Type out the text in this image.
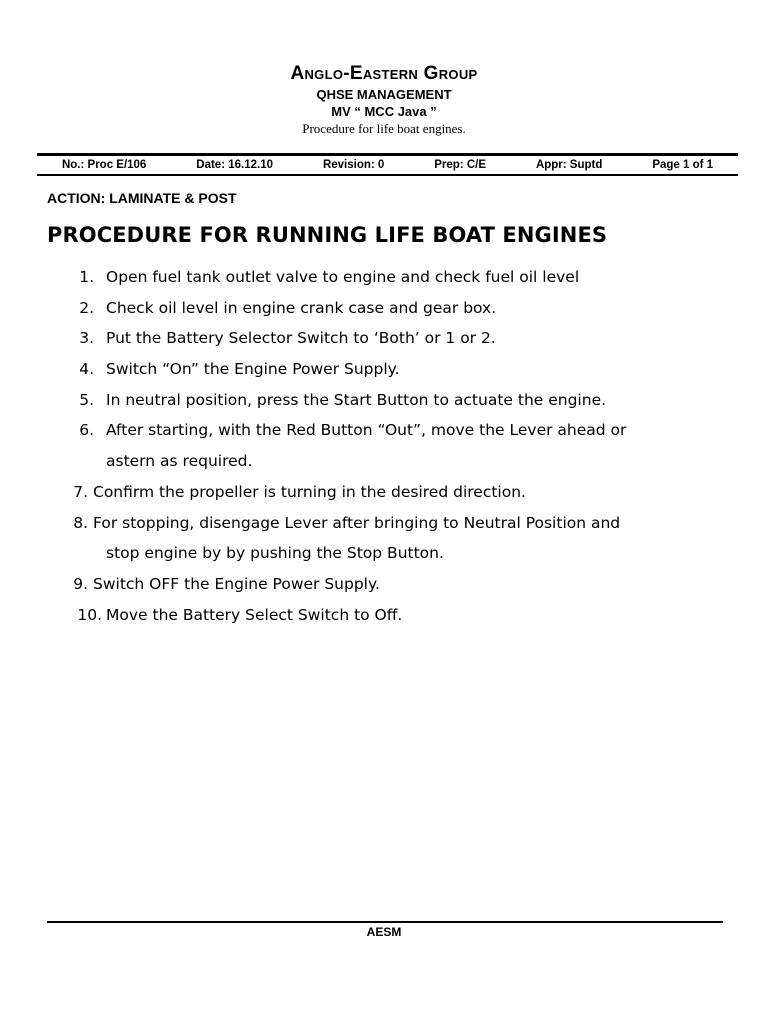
Anglo-Eastern Group
QHSE MANAGEMENT
MV “ MCC Java ”
Procedure for life boat engines.
No.: Proc E/106	Date: 16.12.10	Revision: 0	Prep: C/E	Appr: Suptd	Page 1 of 1
ACTION: LAMINATE & POST
PROCEDURE FOR RUNNING LIFE BOAT ENGINES
1. Open fuel tank outlet valve to engine and check fuel oil level
2. Check oil level in engine crank case and gear box.
3. Put the Battery Selector Switch to ‘Both’ or 1 or 2.
4. Switch “On” the Engine Power Supply.
5. In neutral position, press the Start Button to actuate the engine.
6. After starting, with the Red Button “Out”, move the Lever ahead or
astern as required.
7. Confirm the propeller is turning in the desired direction.
8. For stopping, disengage Lever after bringing to Neutral Position and
stop engine by by pushing the Stop Button.
9. Switch OFF the Engine Power Supply.
10. Move the Battery Select Switch to Off.
AESM
